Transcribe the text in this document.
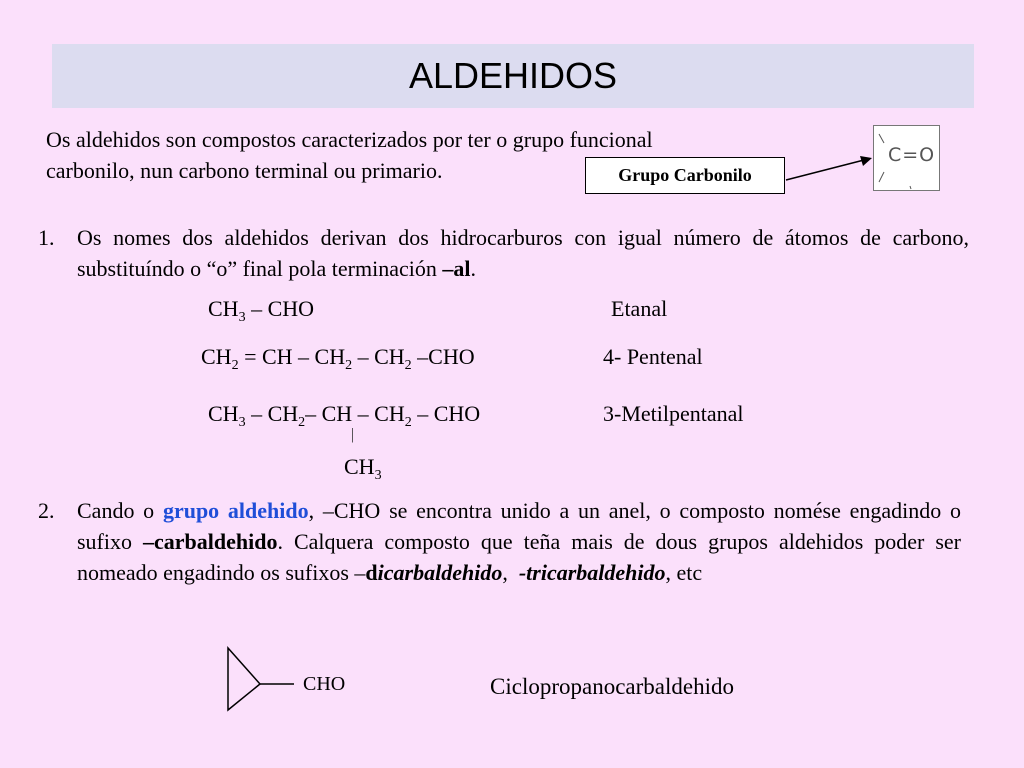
ALDEHIDOS
Os aldehidos son compostos caracterizados por ter o grupo funcional
carbonilo, nun carbono terminal ou primario.	Grupo Carbonilo
C=O
1. Os nomes dos aldehidos derivan dos hidrocarburos con igual número de átomos de carbono, substituíndo o “o” final pola terminación –al.
$CH_3$ – CHO	Etanal
$CH_2$ = CH – $CH_2 - CH_2$ –CHO	4- Pentenal
$CH_3 - CH_2-$ CH – $CH_2$ – CHO	3-Metilpentanal
|
$CH_3$
2. Cando o grupo aldehido, –CHO se encontra unido a un anel, o composto nomése engadindo o sufixo –carbaldehido. Calquera composto que teña mais de dous grupos aldehidos poder ser nomeado engadindo os sufixos –dicarbaldehido,  -tricarbaldehido, etc
CHO	Ciclopropanocarbaldehido
